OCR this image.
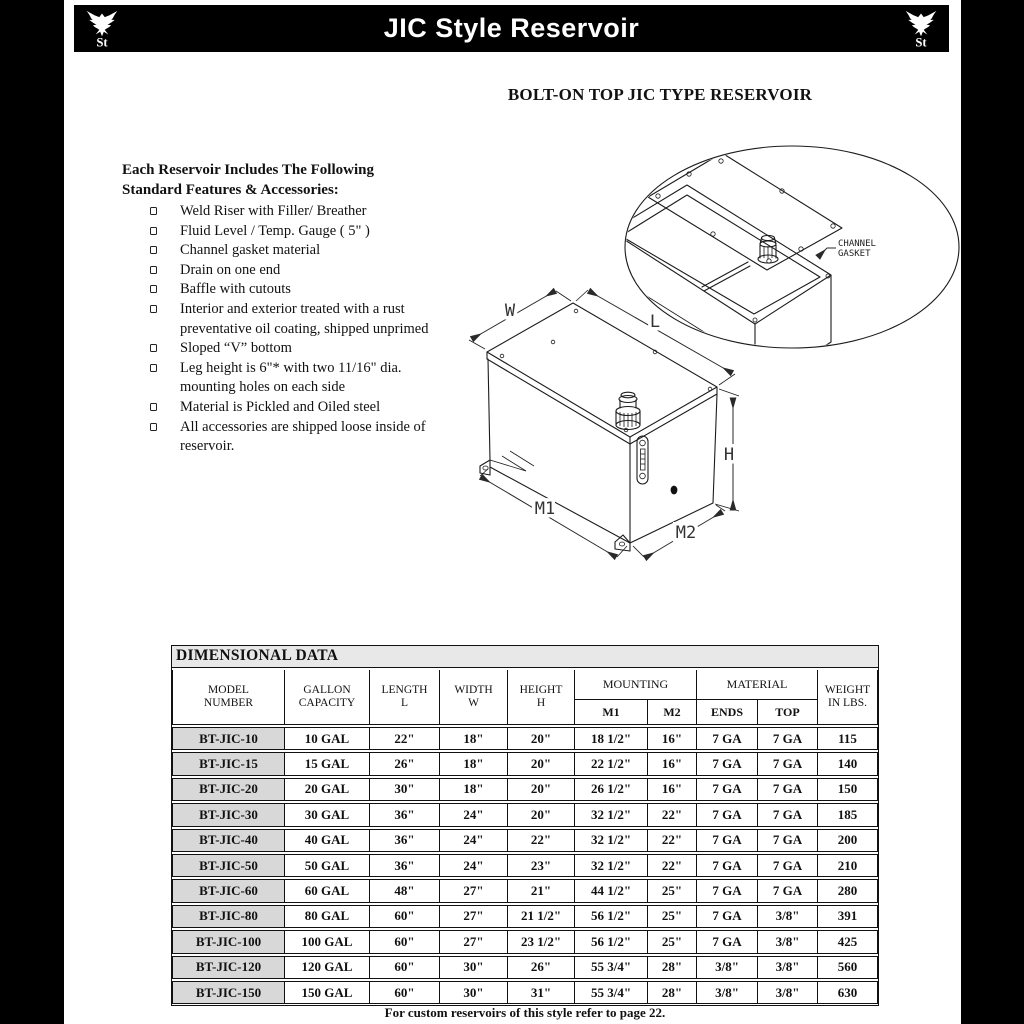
St	JIC Style Reservoir	St
BOLT-ON TOP JIC TYPE RESERVOIR
Each Reservoir Includes The Following
Standard Features & Accessories:
Weld Riser with Filler/ Breather
Fluid Level / Temp. Gauge ( 5" )
Channel gasket material
Drain on one end
Baffle with cutouts
Interior and exterior treated with a rust preventative oil coating, shipped unprimed
Sloped “V” bottom
Leg height is 6"* with two 11/16" dia. mounting holes on each side
Material is Pickled and Oiled steel
All accessories are shipped loose inside of reservoir.
CHANNEL
GASKET
W
L
H
M1
M2
DIMENSIONAL DATA
MODEL
NUMBER
GALLON
CAPACITY
LENGTH
L
WIDTH
W
HEIGHT
H
MOUNTING	MATERIAL	WEIGHT
IN LBS.
M1	M2	ENDS	TOP
BT-JIC-10	10 GAL	22"	18"	20"	18 1/2"	16"	7 GA	7 GA	115
BT-JIC-15	15 GAL	26"	18"	20"	22 1/2"	16"	7 GA	7 GA	140
BT-JIC-20	20 GAL	30"	18"	20"	26 1/2"	16"	7 GA	7 GA	150
BT-JIC-30	30 GAL	36"	24"	20"	32 1/2"	22"	7 GA	7 GA	185
BT-JIC-40	40 GAL	36"	24"	22"	32 1/2"	22"	7 GA	7 GA	200
BT-JIC-50	50 GAL	36"	24"	23"	32 1/2"	22"	7 GA	7 GA	210
BT-JIC-60	60 GAL	48"	27"	21"	44 1/2"	25"	7 GA	7 GA	280
BT-JIC-80	80 GAL	60"	27"	21 1/2"	56 1/2"	25"	7 GA	3/8"	391
BT-JIC-100	100 GAL	60"	27"	23 1/2"	56 1/2"	25"	7 GA	3/8"	425
BT-JIC-120	120 GAL	60"	30"	26"	55 3/4"	28"	3/8"	3/8"	560
BT-JIC-150	150 GAL	60"	30"	31"	55 3/4"	28"	3/8"	3/8"	630
For custom reservoirs of this style refer to page 22.
